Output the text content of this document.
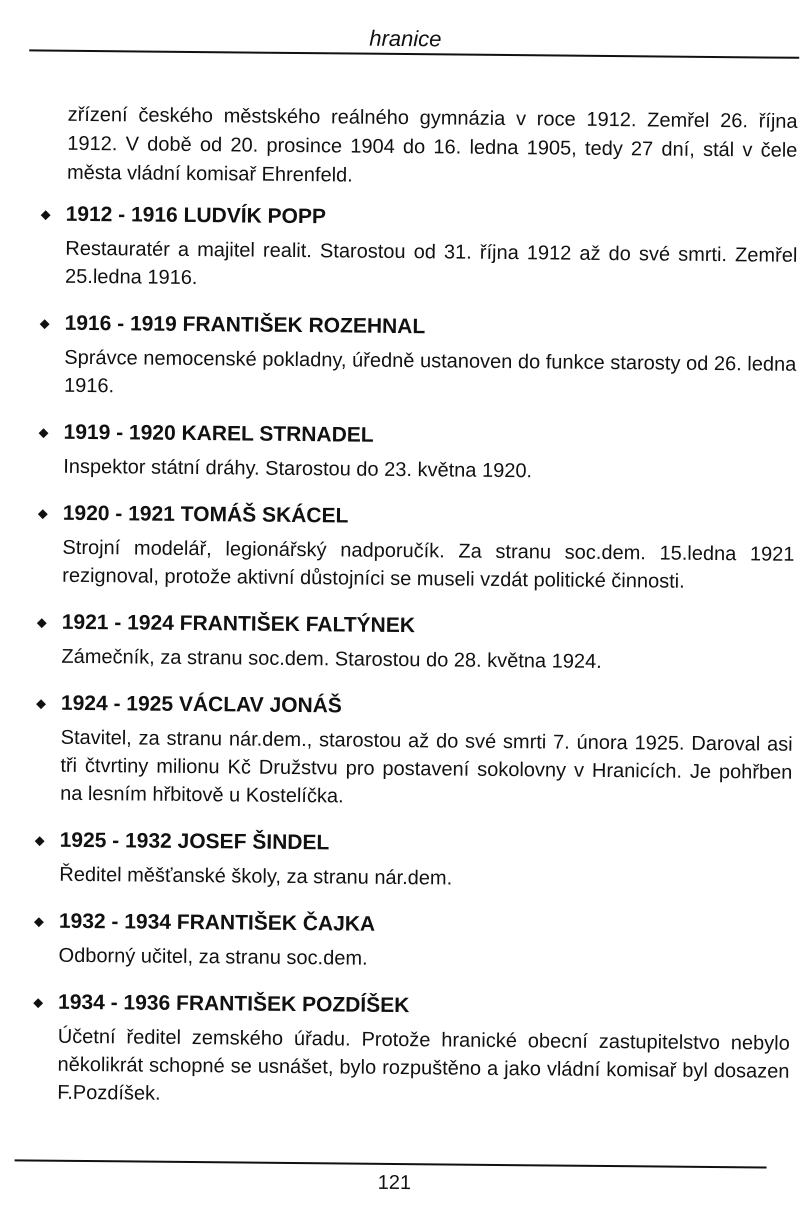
hranice
zřízení českého městského reálného gymnázia v roce 1912. Zemřel 26. října 1912. V době od 20. prosince 1904 do 16. ledna 1905, tedy 27 dní, stál v čele města vládní komisař Ehrenfeld.
◆ 1912 - 1916 LUDVÍK POPP
Restauratér a majitel realit. Starostou od 31. října 1912 až do své smrti. Zemřel 25.ledna 1916.
◆ 1916 - 1919 FRANTIŠEK ROZEHNAL
Správce nemocenské pokladny, úředně ustanoven do funkce starosty od 26. ledna 1916.
◆ 1919 - 1920 KAREL STRNADEL
Inspektor státní dráhy. Starostou do 23. května 1920.
◆ 1920 - 1921 TOMÁŠ SKÁCEL
Strojní modelář, legionářský nadporučík. Za stranu soc.dem. 15.ledna 1921 rezignoval, protože aktivní důstojníci se museli vzdát politické činnosti.
◆ 1921 - 1924 FRANTIŠEK FALTÝNEK
Zámečník, za stranu soc.dem. Starostou do 28. května 1924.
◆ 1924 - 1925 VÁCLAV JONÁŠ
Stavitel, za stranu nár.dem., starostou až do své smrti 7. února 1925. Daroval asi tři čtvrtiny milionu Kč Družstvu pro postavení sokolovny v Hranicích. Je pohřben na lesním hřbitově u Kostelíčka.
◆ 1925 - 1932 JOSEF ŠINDEL
Ředitel měšťanské školy, za stranu nár.dem.
◆ 1932 - 1934 FRANTIŠEK ČAJKA
Odborný učitel, za stranu soc.dem.
◆ 1934 - 1936 FRANTIŠEK POZDÍŠEK
Účetní ředitel zemského úřadu. Protože hranické obecní zastupitelstvo nebylo několikrát schopné se usnášet, bylo rozpuštěno a jako vládní komisař byl dosazen F.Pozdíšek.
121
